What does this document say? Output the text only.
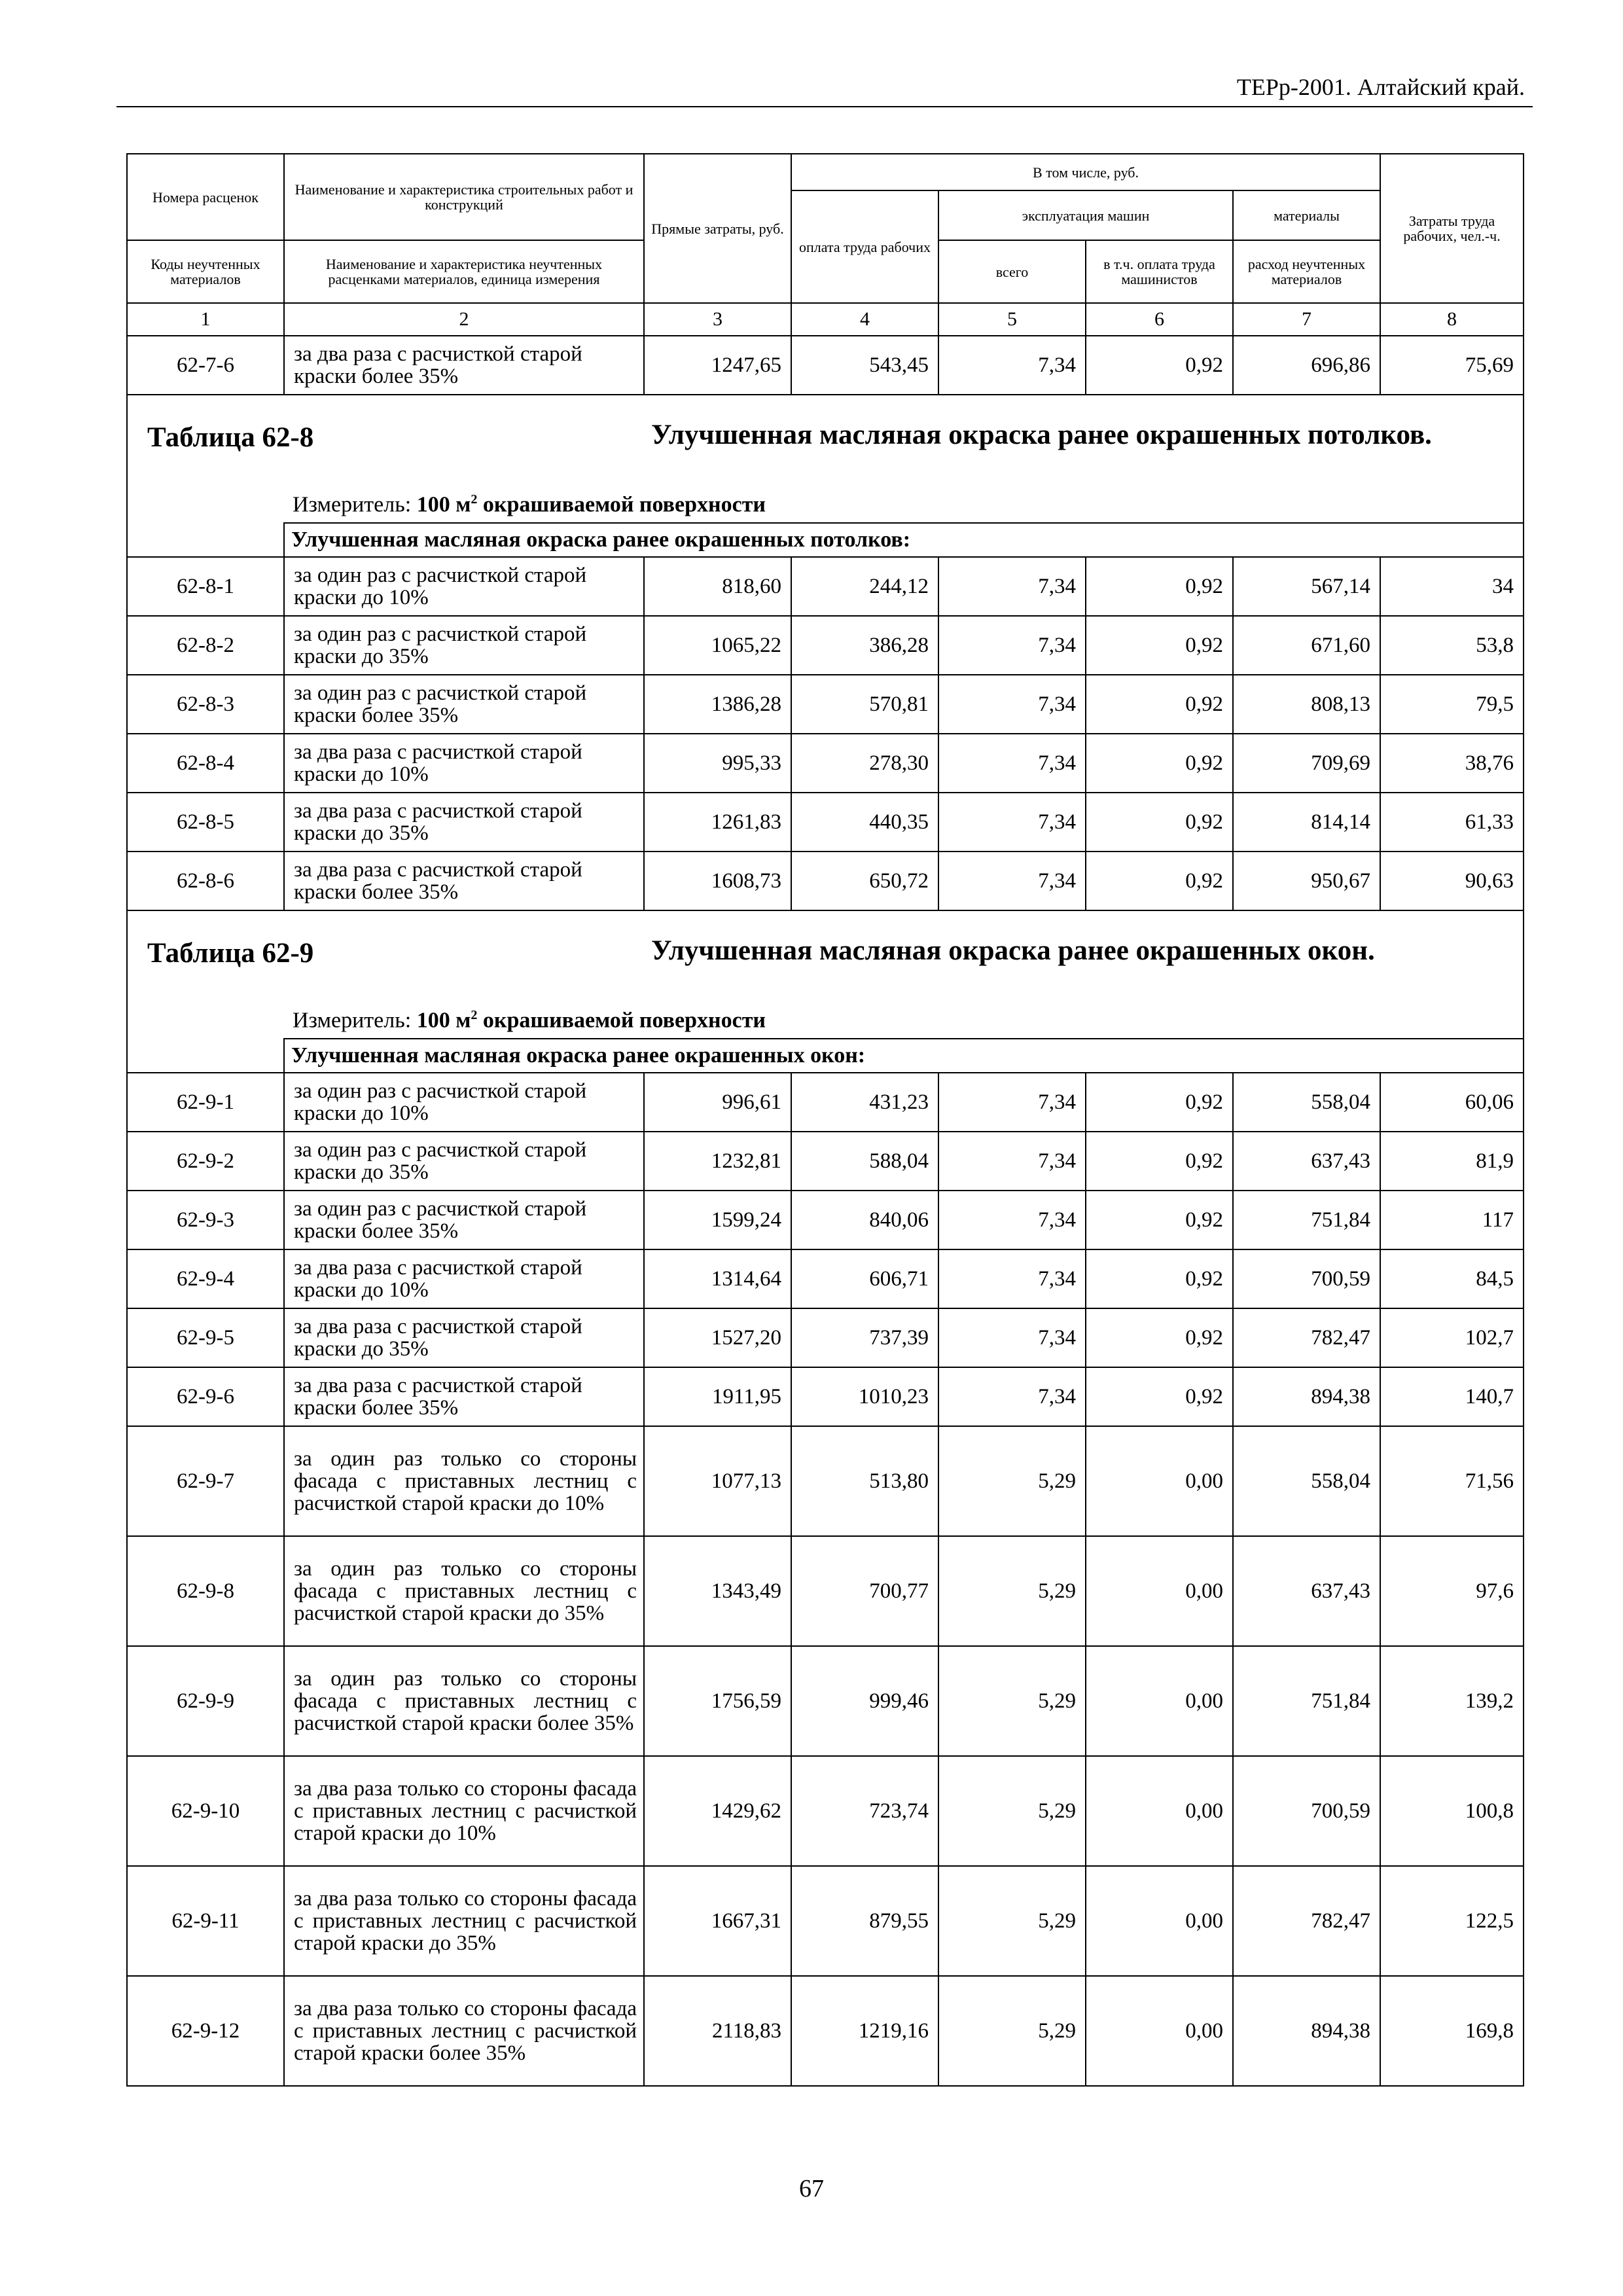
ТЕРр-2001. Алтайский край.
Номера расценок	Наименование и характеристика строительных работ и конструкций	Прямые затраты, руб.	В том числе, руб.				Затраты труда рабочих, чел.-ч.
			оплата труда рабочих	эксплуатация машин		материалы	
Коды неучтенных материалов	Наименование и характеристика неучтенных расценками материалов, единица измерения			всего	в т.ч. оплата труда машинистов	расход неучтенных материалов	
1	2	3	4	5	6	7	8
62-7-6	за два раза с расчисткой старой краски более 35%	1247,65	543,45	7,34	0,92	696,86	75,69

Таблица 62-8 Улучшенная масляная окраска ранее окрашенных потолков.
Измеритель: 100 $м^2$ окрашиваемой поверхности							

	Улучшенная масляная окраска ранее окрашенных потолков:						
62-8-1	за один раз с расчисткой старой краски до 10%	818,60	244,12	7,34	0,92	567,14	34
62-8-2	за один раз с расчисткой старой краски до 35%	1065,22	386,28	7,34	0,92	671,60	53,8
62-8-3	за один раз с расчисткой старой краски более 35%	1386,28	570,81	7,34	0,92	808,13	79,5
62-8-4	за два раза с расчисткой старой краски до 10%	995,33	278,30	7,34	0,92	709,69	38,76
62-8-5	за два раза с расчисткой старой краски до 35%	1261,83	440,35	7,34	0,92	814,14	61,33
62-8-6	за два раза с расчисткой старой краски более 35%	1608,73	650,72	7,34	0,92	950,67	90,63

Таблица 62-9 Улучшенная масляная окраска ранее окрашенных окон.
Измеритель: 100 $м^2$ окрашиваемой поверхности							

	Улучшенная масляная окраска ранее окрашенных окон:						
62-9-1	за один раз с расчисткой старой краски до 10%	996,61	431,23	7,34	0,92	558,04	60,06
62-9-2	за один раз с расчисткой старой краски до 35%	1232,81	588,04	7,34	0,92	637,43	81,9
62-9-3	за один раз с расчисткой старой краски более 35%	1599,24	840,06	7,34	0,92	751,84	117
62-9-4	за два раза с расчисткой старой краски до 10%	1314,64	606,71	7,34	0,92	700,59	84,5
62-9-5	за два раза с расчисткой старой краски до 35%	1527,20	737,39	7,34	0,92	782,47	102,7
62-9-6	за два раза с расчисткой старой краски более 35%	1911,95	1010,23	7,34	0,92	894,38	140,7
62-9-7	за один раз только со стороны фасада с приставных лестниц с расчисткой старой краски до 10%	1077,13	513,80	5,29	0,00	558,04	71,56
62-9-8	за один раз только со стороны фасада с приставных лестниц с расчисткой старой краски до 35%	1343,49	700,77	5,29	0,00	637,43	97,6
62-9-9	за один раз только со стороны фасада с приставных лестниц с расчисткой старой краски более 35%	1756,59	999,46	5,29	0,00	751,84	139,2
62-9-10	за два раза только со стороны фасада с приставных лестниц с расчисткой старой краски до 10%	1429,62	723,74	5,29	0,00	700,59	100,8
62-9-11	за два раза только со стороны фасада с приставных лестниц с расчисткой старой краски до 35%	1667,31	879,55	5,29	0,00	782,47	122,5
62-9-12	за два раза только со стороны фасада с приставных лестниц с расчисткой старой краски более 35%	2118,83	1219,16	5,29	0,00	894,38	169,8
67
